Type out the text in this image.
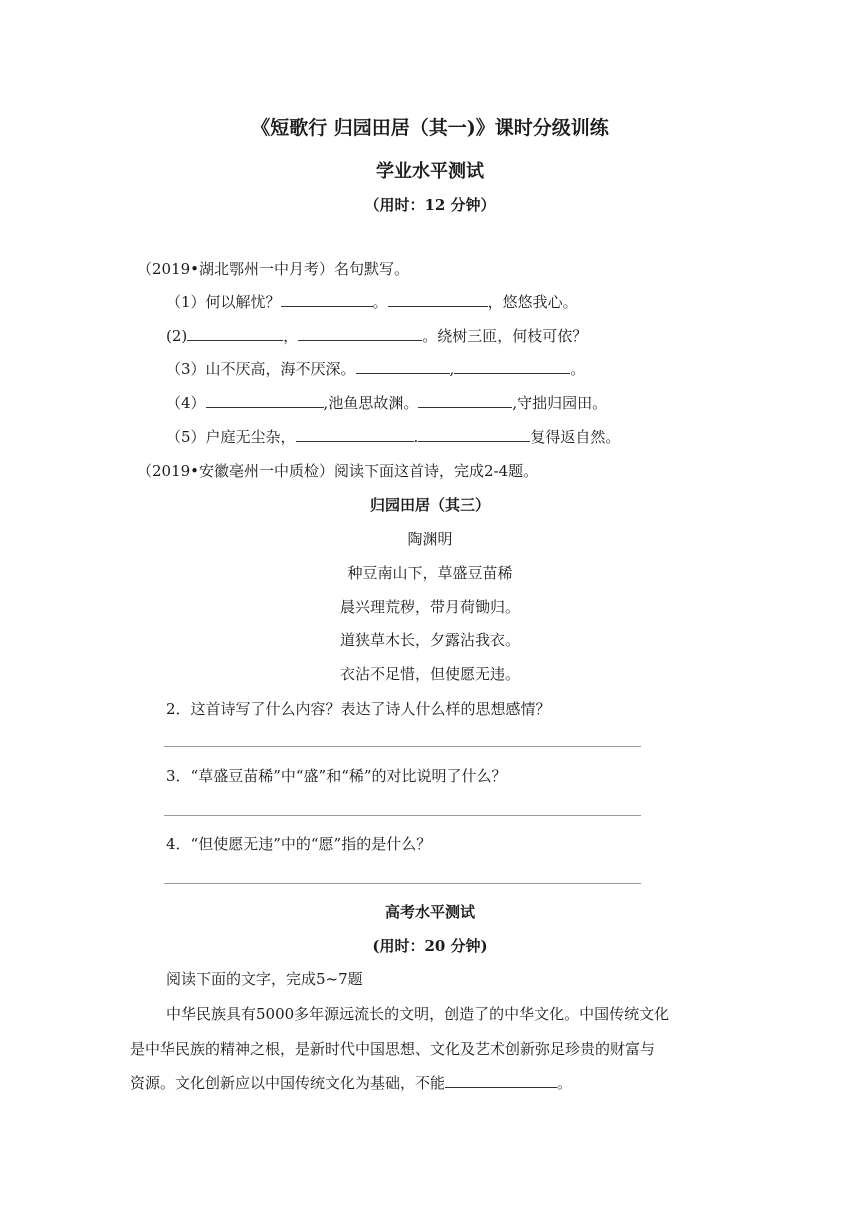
《短歌行 归园田居（其一)》课时分级训练
学业水平测试
（用时：12 分钟）
（2019•湖北鄂州一中月考）名句默写。
（1）何以解忧？	。	，悠悠我心。
(2)	，	。绕树三匝，何枝可依？
（3）山不厌高，海不厌深。	,	。
（4）	,池鱼思故渊。	,守拙归园田。
（5）户庭无尘杂，	.	复得返自然。
（2019•安徽亳州一中质检）阅读下面这首诗，完成2-4题。
归园田居（其三）
陶渊明
种豆南山下，草盛豆苗稀
晨兴理荒秽，带月荷锄归。
道狭草木长，夕露沾我衣。
衣沾不足惜，但使愿无违。
2．这首诗写了什么内容？表达了诗人什么样的思想感情？
3．“草盛豆苗稀”中“盛”和“稀”的对比说明了什么？
4．“但使愿无违”中的“愿”指的是什么？
高考水平测试
(用时：20 分钟)
阅读下面的文字，完成5~7题
中华民族具有5000多年源远流长的文明，创造了的中华文化。中国传统文化
是中华民族的精神之根，是新时代中国思想、文化及艺术创新弥足珍贵的财富与
资源。文化创新应以中国传统文化为基础，不能	。
